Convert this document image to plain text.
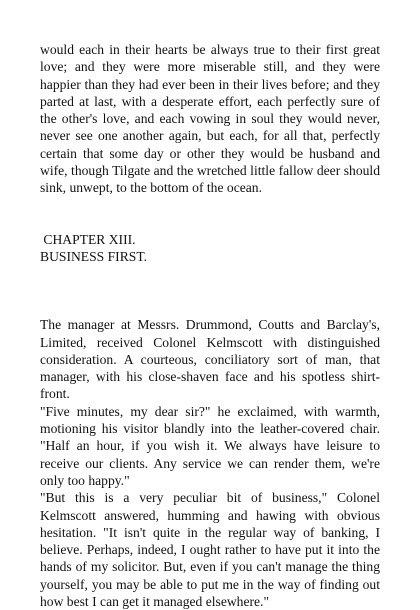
would each in their hearts be always true to their first great love; and they were more miserable still, and they were happier than they had ever been in their lives before; and they parted at last, with a desperate effort, each perfectly sure of the other's love, and each vowing in soul they would never, never see one another again, but each, for all that, perfectly certain that some day or other they would be husband and wife, though Tilgate and the wretched little fallow deer should sink, unwept, to the bottom of the ocean.

CHAPTER XIII.
BUSINESS FIRST.

The manager at Messrs. Drummond, Coutts and Barclay's, Limited, received Colonel Kelmscott with distinguished consideration. A courteous, conciliatory sort of man, that manager, with his close-shaven face and his spotless shirt-front.

"Five minutes, my dear sir?" he exclaimed, with warmth, motioning his visitor blandly into the leather-covered chair. "Half an hour, if you wish it. We always have leisure to receive our clients. Any service we can render them, we're only too happy."

"But this is a very peculiar bit of business," Colonel Kelmscott answered, humming and hawing with obvious hesitation. "It isn't quite in the regular way of banking, I believe. Perhaps, indeed, I ought rather to have put it into the hands of my solicitor. But, even if you can't manage the thing yourself, you may be able to put me in the way of finding out how best I can get it managed elsewhere."
